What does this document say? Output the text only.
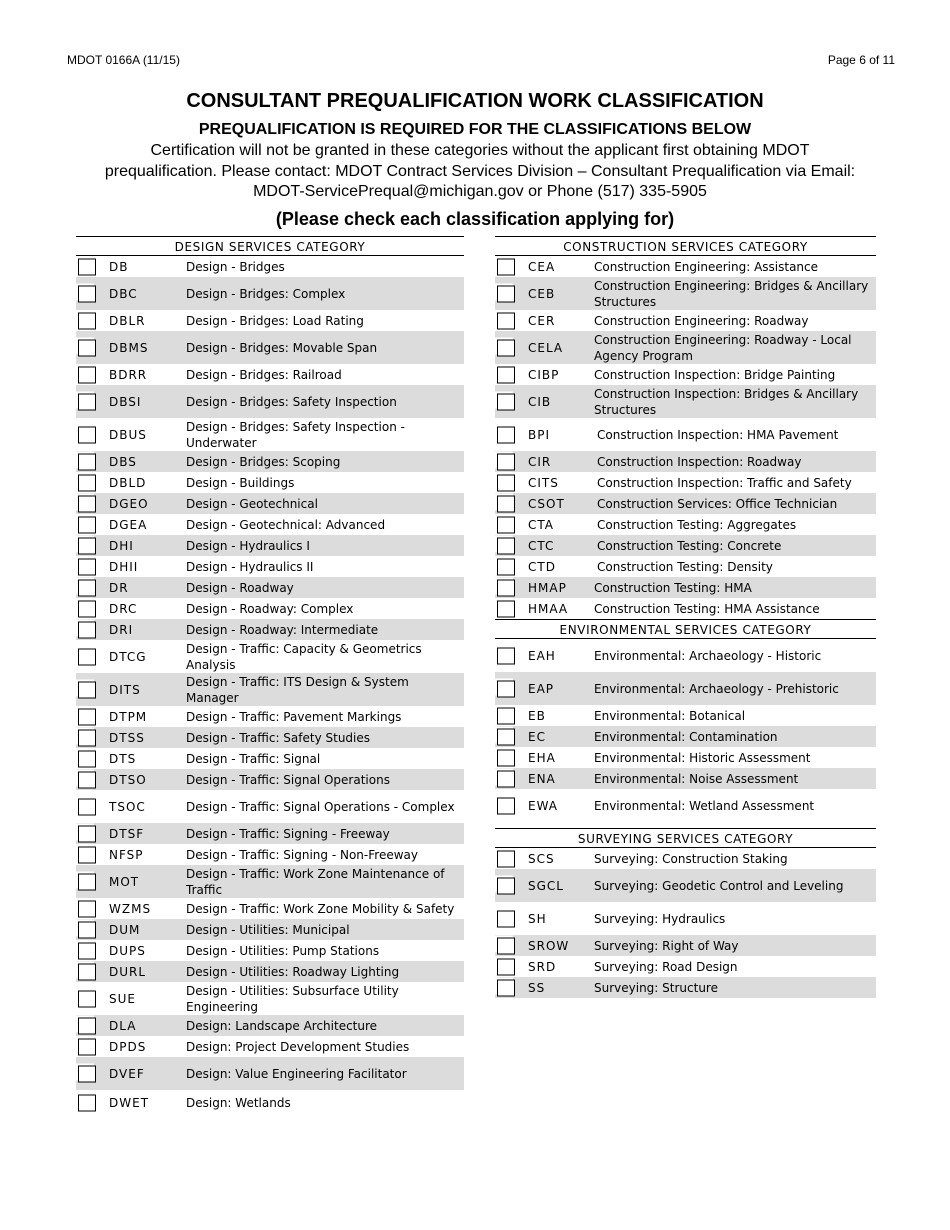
MDOT 0166A (11/15)	Page 6 of 11
CONSULTANT PREQUALIFICATION WORK CLASSIFICATION
PREQUALIFICATION IS REQUIRED FOR THE CLASSIFICATIONS BELOW
Certification will not be granted in these categories without the applicant first obtaining MDOT prequalification. Please contact: MDOT Contract Services Division – Consultant Prequalification via Email: MDOT-ServicePrequal@michigan.gov or Phone (517) 335-5905
(Please check each classification applying for)
DESIGN SERVICES CATEGORY
DB	Design - Bridges
DBC	Design - Bridges: Complex
DBLR	Design - Bridges: Load Rating
DBMS	Design - Bridges: Movable Span
BDRR	Design - Bridges: Railroad
DBSI	Design - Bridges: Safety Inspection
DBUS
Design - Bridges: Safety Inspection - Underwater
DBS	Design - Bridges: Scoping
DBLD	Design - Buildings
DGEO	Design - Geotechnical
DGEA	Design - Geotechnical: Advanced
DHI	Design - Hydraulics I
DHII	Design - Hydraulics II
DR	Design - Roadway
DRC	Design - Roadway: Complex
DRI	Design - Roadway: Intermediate
DTCG
Design - Traffic: Capacity & Geometrics Analysis
DITS
Design - Traffic: ITS Design & System Manager
DTPM	Design - Traffic: Pavement Markings
DTSS	Design - Traffic: Safety Studies
DTS	Design - Traffic: Signal
DTSO	Design - Traffic: Signal Operations
TSOC	Design - Traffic: Signal Operations - Complex
DTSF	Design - Traffic: Signing - Freeway
NFSP	Design - Traffic: Signing - Non-Freeway
MOT
Design - Traffic: Work Zone Maintenance of Traffic
WZMS	Design - Traffic: Work Zone Mobility & Safety
DUM	Design - Utilities: Municipal
DUPS	Design - Utilities: Pump Stations
DURL	Design - Utilities: Roadway Lighting
SUE
Design - Utilities: Subsurface Utility Engineering
DLA	Design: Landscape Architecture
DPDS	Design: Project Development Studies
DVEF	Design: Value Engineering Facilitator
DWET	Design: Wetlands
CONSTRUCTION SERVICES CATEGORY
CEA	Construction Engineering: Assistance
CEB
Construction Engineering: Bridges & Ancillary Structures
CER	Construction Engineering: Roadway
CELA
Construction Engineering: Roadway - Local Agency Program
CIBP	Construction Inspection: Bridge Painting
CIB
Construction Inspection: Bridges & Ancillary Structures
BPI	Construction Inspection: HMA Pavement
CIR	Construction Inspection: Roadway
CITS	Construction Inspection: Traffic and Safety
CSOT	Construction Services: Office Technician
CTA	Construction Testing: Aggregates
CTC	Construction Testing: Concrete
CTD	Construction Testing: Density
HMAP Construction Testing: HMA
HMAA Construction Testing: HMA Assistance
ENVIRONMENTAL SERVICES CATEGORY
EAH	Environmental: Archaeology - Historic
EAP	Environmental: Archaeology - Prehistoric
EB	Environmental: Botanical
EC	Environmental: Contamination
EHA	Environmental: Historic Assessment
ENA	Environmental: Noise Assessment
EWA	Environmental: Wetland Assessment
SURVEYING SERVICES CATEGORY
SCS	Surveying: Construction Staking
SGCL	Surveying: Geodetic Control and Leveling
SH	Surveying: Hydraulics
SROW Surveying: Right of Way
SRD	Surveying: Road Design
SS	Surveying: Structure
